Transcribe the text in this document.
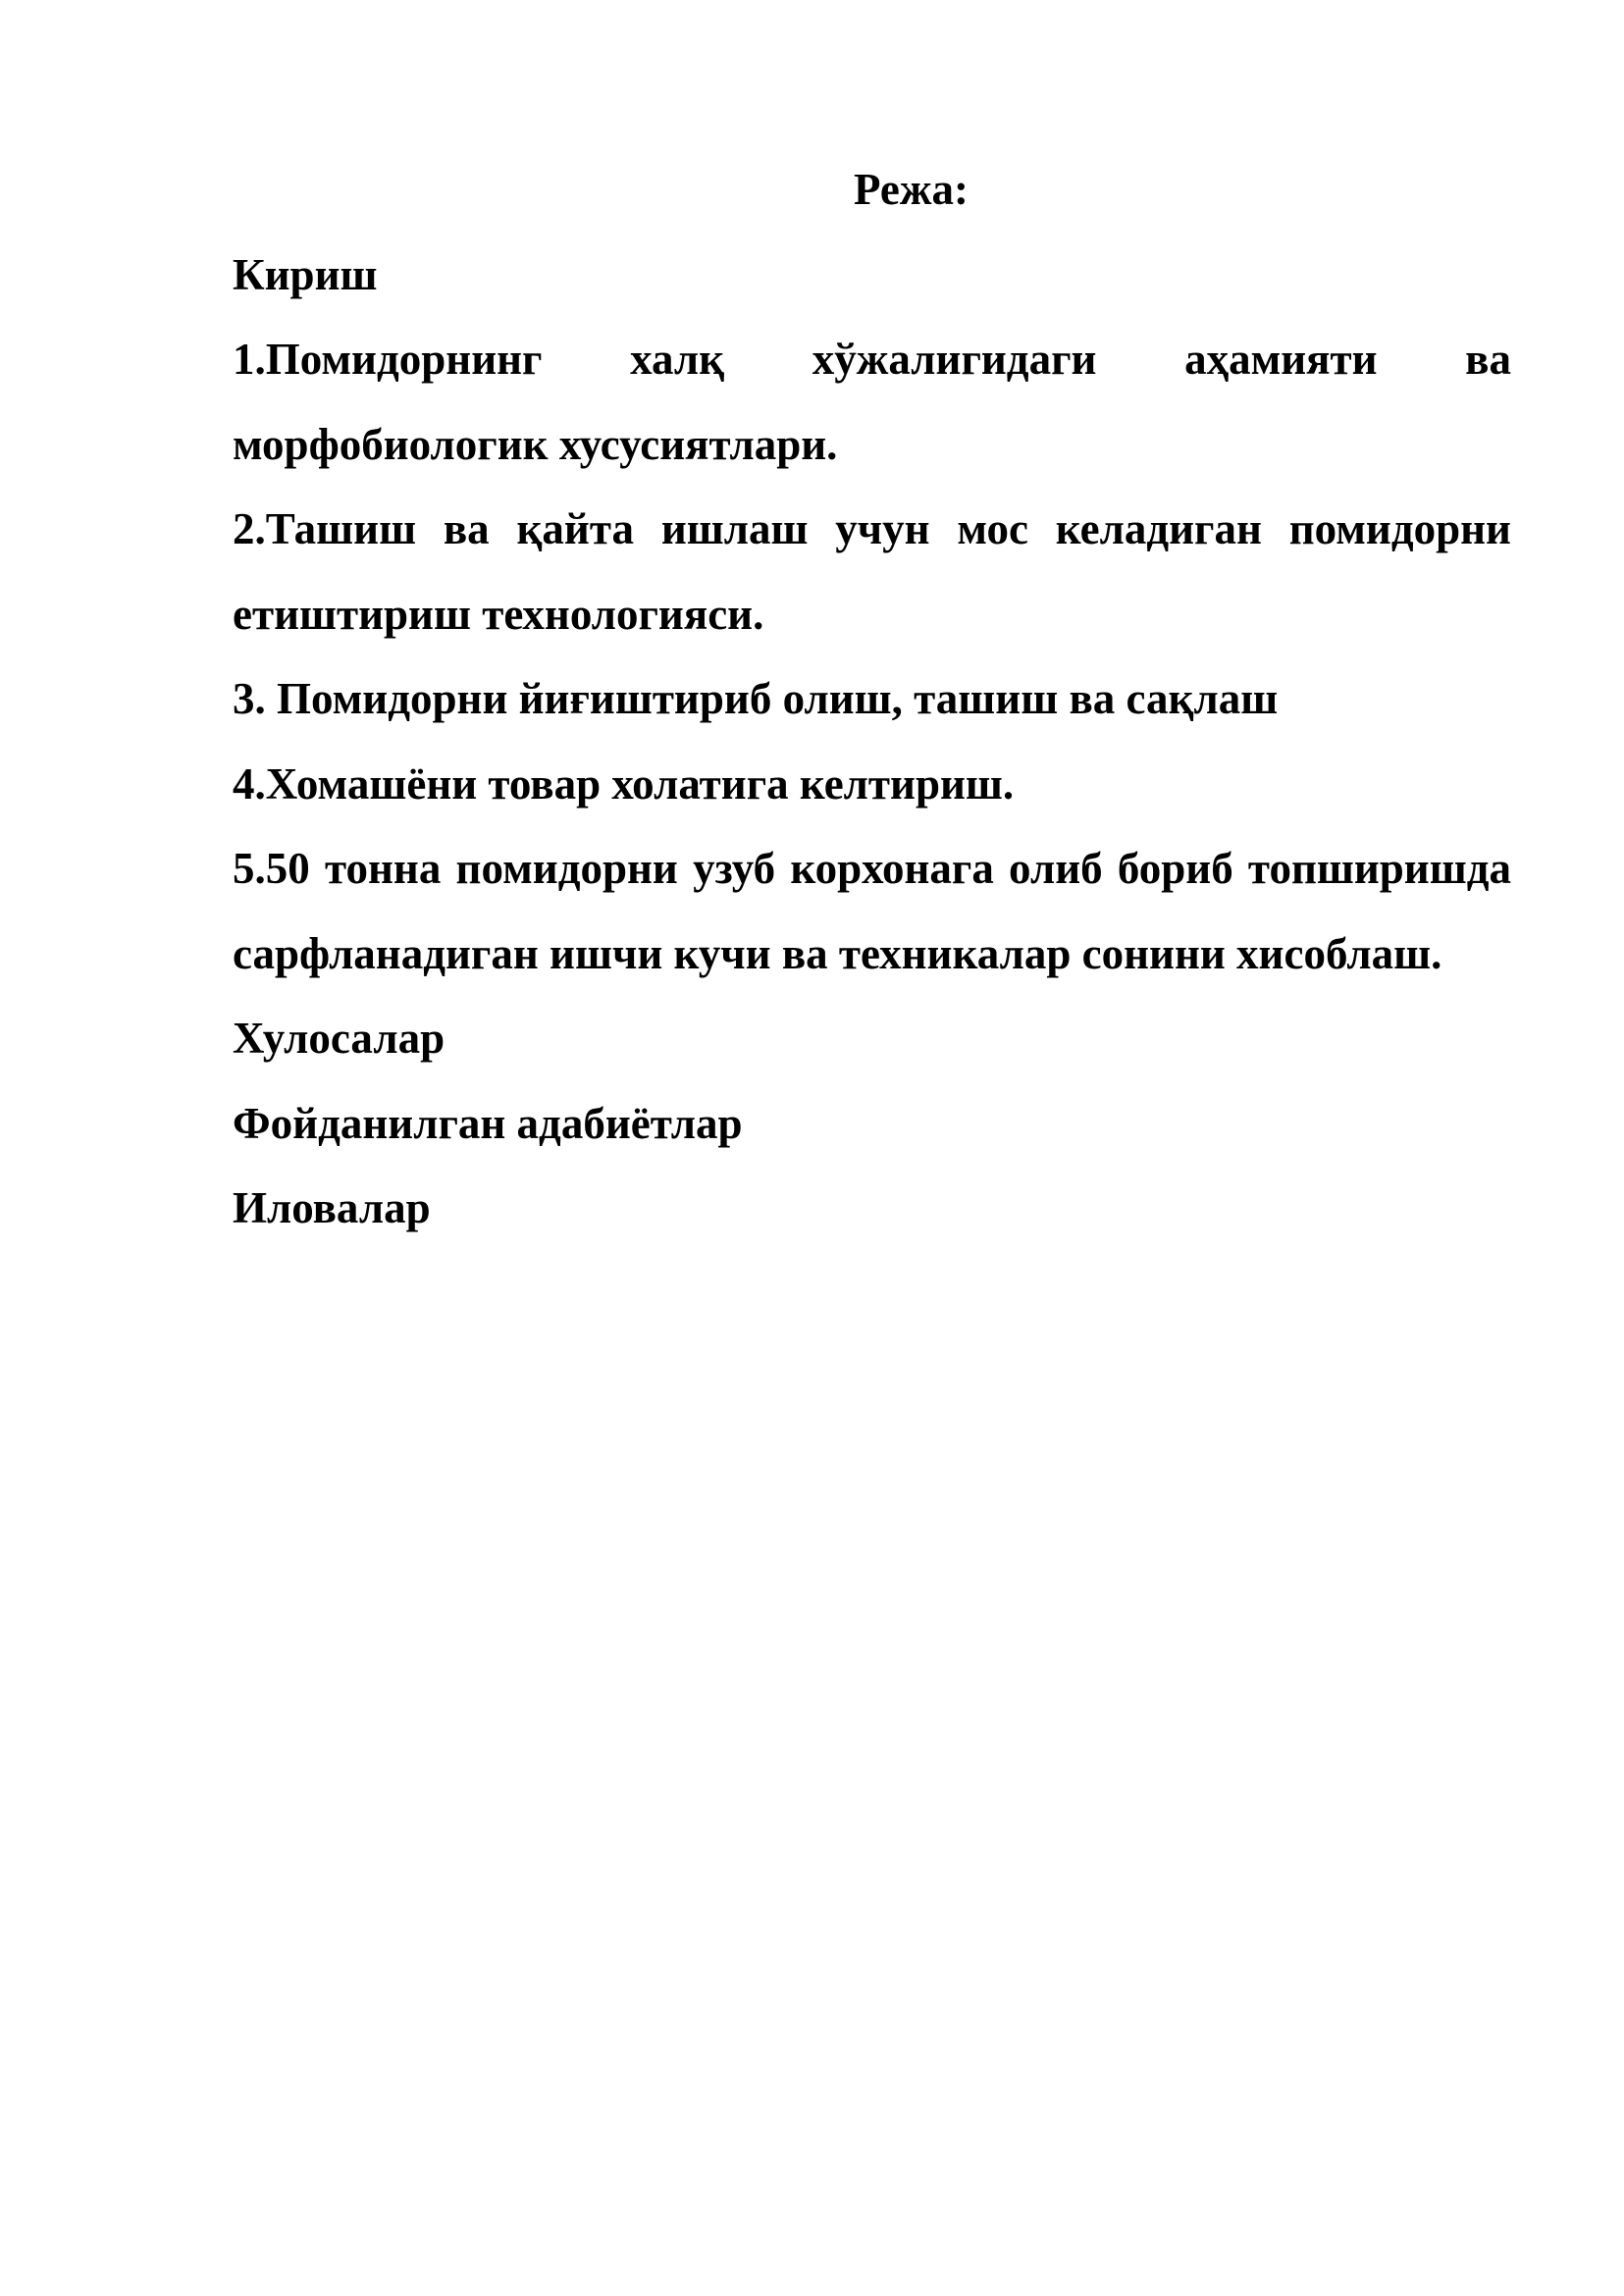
Режа:

Кириш

1.Помидорнинг халқ хўжалигидаги аҳамияти ва морфобиологик хусусиятлари.

2.Ташиш ва қайта ишлаш учун мос келадиган помидорни етиштириш технологияси.

3. Помидорни йиғиштириб олиш, ташиш ва сақлаш

4.Хомашёни товар холатига келтириш.

5.50 тонна помидорни узуб корхонага олиб бориб топширишда сарфланадиган ишчи кучи ва техникалар сонини хисоблаш.

Хулосалар

Фойданилган адабиётлар

Иловалар
